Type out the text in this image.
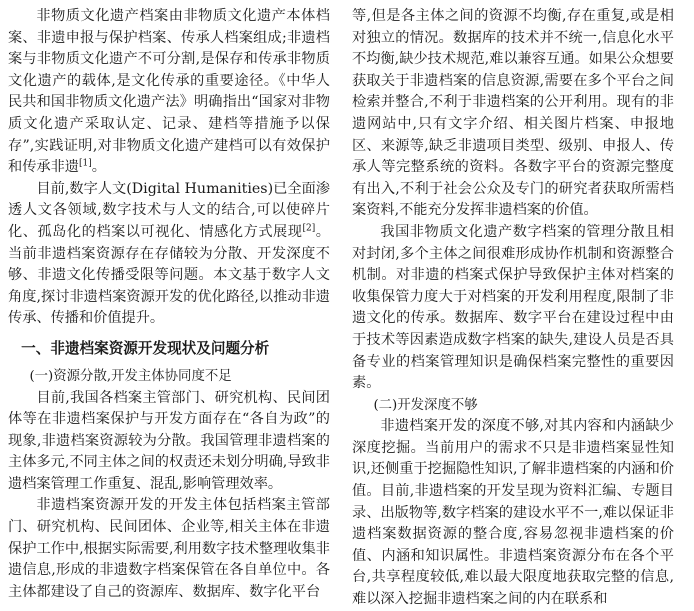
非物质文化遗产档案由非物质文化遗产本体档案、非遗申报与保护档案、传承人档案组成;非遗档案与非物质文化遗产不可分割,是保存和传承非物质文化遗产的载体,是文化传承的重要途径。《中华人民共和国非物质文化遗产法》明确指出“国家对非物质文化遗产采取认定、记录、建档等措施予以保存”,实践证明,对非物质文化遗产建档可以有效保护和传承非遗[1]。

目前,数字人文(Digital Humanities)已全面渗透人文各领域,数字技术与人文的结合,可以使碎片化、孤岛化的档案以可视化、情感化方式展现[2]。当前非遗档案资源存在存储较为分散、开发深度不够、非遗文化传播受限等问题。本文基于数字人文角度,探讨非遗档案资源开发的优化路径,以推动非遗传承、传播和价值提升。

一、非遗档案资源开发现状及问题分析
(一)资源分散,开发主体协同度不足

目前,我国各档案主管部门、研究机构、民间团体等在非遗档案保护与开发方面存在“各自为政”的现象,非遗档案资源较为分散。我国管理非遗档案的主体多元,不同主体之间的权责还未划分明确,导致非遗档案管理工作重复、混乱,影响管理效率。

非遗档案资源开发的开发主体包括档案主管部门、研究机构、民间团体、企业等,相关主体在非遗保护工作中,根据实际需要,利用数字技术整理收集非遗信息,形成的非遗数字档案保管在各自单位中。各主体都建设了自己的资源库、数据库、数字化平台

等,但是各主体之间的资源不均衡,存在重复,或是相对独立的情况。数据库的技术并不统一,信息化水平不均衡,缺少技术规范,难以兼容互通。如果公众想要获取关于非遗档案的信息资源,需要在多个平台之间检索并整合,不利于非遗档案的公开利用。现有的非遗网站中,只有文字介绍、相关图片档案、申报地区、来源等,缺乏非遗项目类型、级别、申报人、传承人等完整系统的资料。各数字平台的资源完整度有出入,不利于社会公众及专门的研究者获取所需档案资料,不能充分发挥非遗档案的价值。

我国非物质文化遗产数字档案的管理分散且相对封闭,多个主体之间很难形成协作机制和资源整合机制。对非遗的档案式保护导致保护主体对档案的收集保管力度大于对档案的开发利用程度,限制了非遗文化的传承。数据库、数字平台在建设过程中由于技术等因素造成数字档案的缺失,建设人员是否具备专业的档案管理知识是确保档案完整性的重要因素。

(二)开发深度不够

非遗档案开发的深度不够,对其内容和内涵缺少深度挖掘。当前用户的需求不只是非遗档案显性知识,还侧重于挖掘隐性知识,了解非遗档案的内涵和价值。目前,非遗档案的开发呈现为资料汇编、专题目录、出版物等,数字档案的建设水平不一,难以保证非遗档案数据资源的整合度,容易忽视非遗档案的价值、内涵和知识属性。非遗档案资源分布在各个平台,共享程度较低,难以最大限度地获取完整的信息,难以深入挖掘非遗档案之间的内在联系和
